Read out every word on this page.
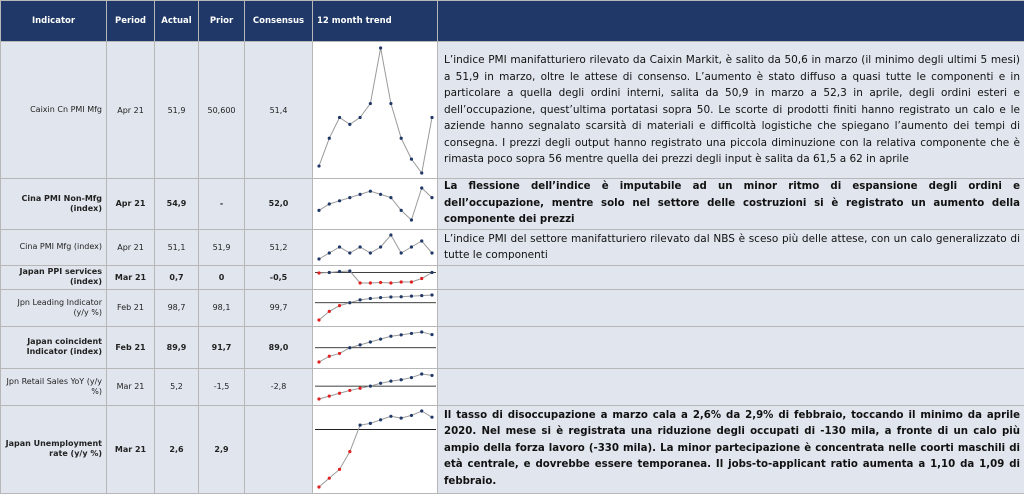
Indicator	Period	Actual	Prior	Consensus	12 month trend	
Caixin Cn PMI Mfg	Apr 21	51,9	50,600	51,4		L’indice PMI manifatturiero rilevato da Caixin Markit, è salito da 50,6 in marzo (il minimo degli ultimi 5 mesi) a 51,9 in marzo, oltre le attese di consenso. L’aumento è stato diffuso a quasi tutte le componenti e in particolare a quella degli ordini interni, salita da 50,9 in marzo a 52,3 in aprile, degli ordini esteri e dell’occupazione, quest’ultima portatasi sopra 50. Le scorte di prodotti finiti hanno registrato un calo e le aziende hanno segnalato scarsità di materiali e difficoltà logistiche che spiegano l’aumento dei tempi di consegna. I prezzi degli output hanno registrato una piccola diminuzione con la relativa componente che è rimasta poco sopra 56 mentre quella dei prezzi degli input è salita da 61,5 a 62 in aprile
Cina PMI Non-Mfg (index)	Apr 21	54,9	-	52,0		La flessione dell’indice è imputabile ad un minor ritmo di espansione degli ordini e dell’occupazione, mentre solo nel settore delle costruzioni si è registrato un aumento della componente dei prezzi
Cina PMI Mfg (index)	Apr 21	51,1	51,9	51,2		L’indice PMI del settore manifatturiero rilevato dal NBS è sceso più delle attese, con un calo generalizzato di tutte le componenti
Japan PPI services (index)	Mar 21	0,7	0	-0,5	

Jpn Leading Indicator (y/y %)	Feb 21	98,7	98,1	99,7	

Japan coincident Indicator (index)	Feb 21	89,9	91,7	89,0	

Jpn Retail Sales YoY (y/y %)	Mar 21	5,2	-1,5	-2,8	

Japan Unemployment rate (y/y %)	Mar 21	2,6	2,9			Il tasso di disoccupazione a marzo cala a 2,6% da 2,9% di febbraio, toccando il minimo da aprile 2020. Nel mese si è registrata una riduzione degli occupati di -130 mila, a fronte di un calo più ampio della forza lavoro (-330 mila). La minor partecipazione è concentrata nelle coorti maschili di età centrale, e dovrebbe essere temporanea. Il jobs-to-applicant ratio aumenta a 1,10 da 1,09 di febbraio.
